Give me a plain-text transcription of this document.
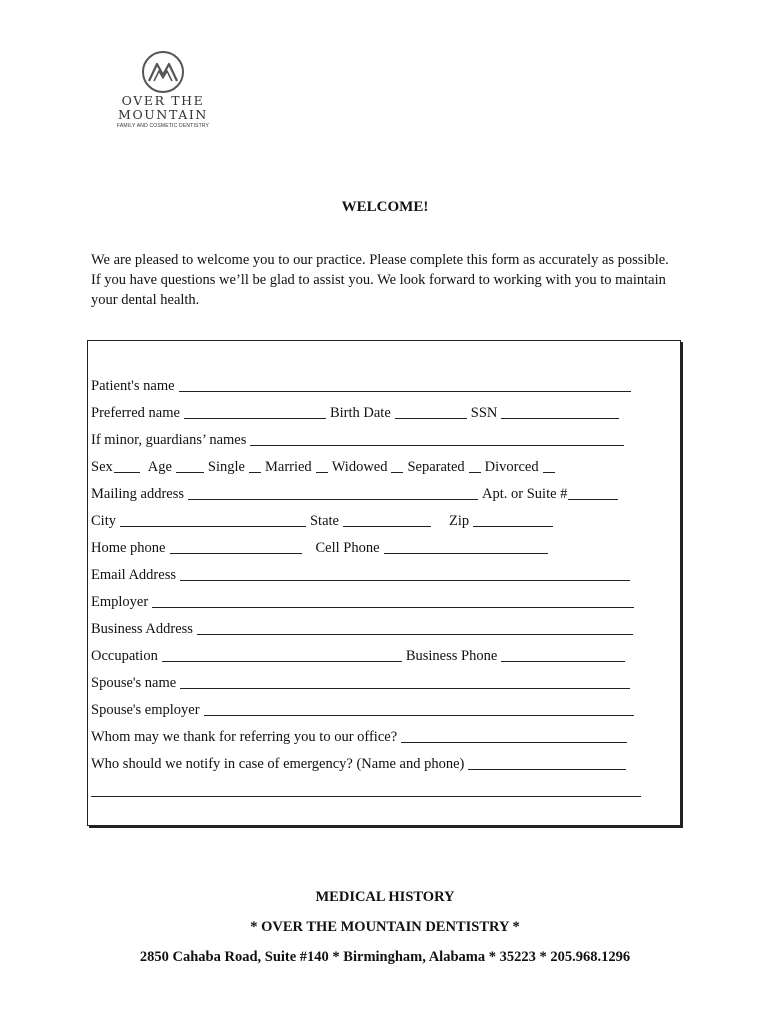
OVER THE
MOUNTAIN
FAMILY AND COSMETIC DENTISTRY
WELCOME!
We are pleased to welcome you to our practice. Please complete this form as accurately as possible. If you have questions we’ll be glad to assist you. We look forward to working with you to maintain your dental health.
Patient's name
Preferred name	Birth Date	SSN
If minor, guardians’ names
Sex Age Single Married Widowed Separated Divorced
Mailing address	Apt. or Suite #
City	State	Zip
Home phone	Cell Phone
Email Address
Employer
Business Address
Occupation	Business Phone
Spouse's name
Spouse's employer
Whom may we thank for referring you to our office?
Who should we notify in case of emergency? (Name and phone)
MEDICAL HISTORY
* OVER THE MOUNTAIN DENTISTRY *
2850 Cahaba Road, Suite #140 * Birmingham, Alabama * 35223 * 205.968.1296
